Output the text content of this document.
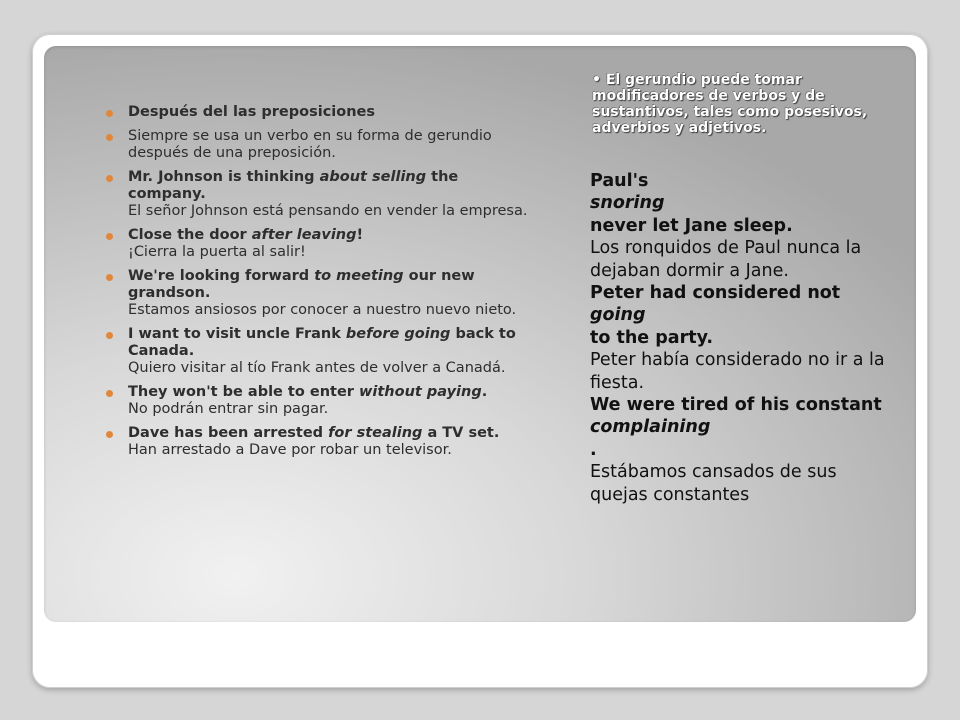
Después del las preposiciones
Siempre se usa un verbo en su forma de gerundio después de una preposición.
Mr. Johnson is thinking about selling the company.
El señor Johnson está pensando en vender la empresa.
Close the door after leaving!
¡Cierra la puerta al salir!
We're looking forward to meeting our new grandson.
Estamos ansiosos por conocer a nuestro nuevo nieto.
I want to visit uncle Frank before going back to Canada.
Quiero visitar al tío Frank antes de volver a Canadá.
They won't be able to enter without paying.
No podrán entrar sin pagar.
Dave has been arrested for stealing a TV set.
Han arrestado a Dave por robar un televisor.
• El gerundio puede tomar modificadores de verbos y de sustantivos, tales como posesivos, adverbios y adjetivos.
Paul's
snoring
never let Jane sleep.
Los ronquidos de Paul nunca la dejaban dormir a Jane.
Peter had considered not
going
to the party.
Peter había considerado no ir a la fiesta.
We were tired of his constant
complaining
.
Estábamos cansados de sus quejas constantes
